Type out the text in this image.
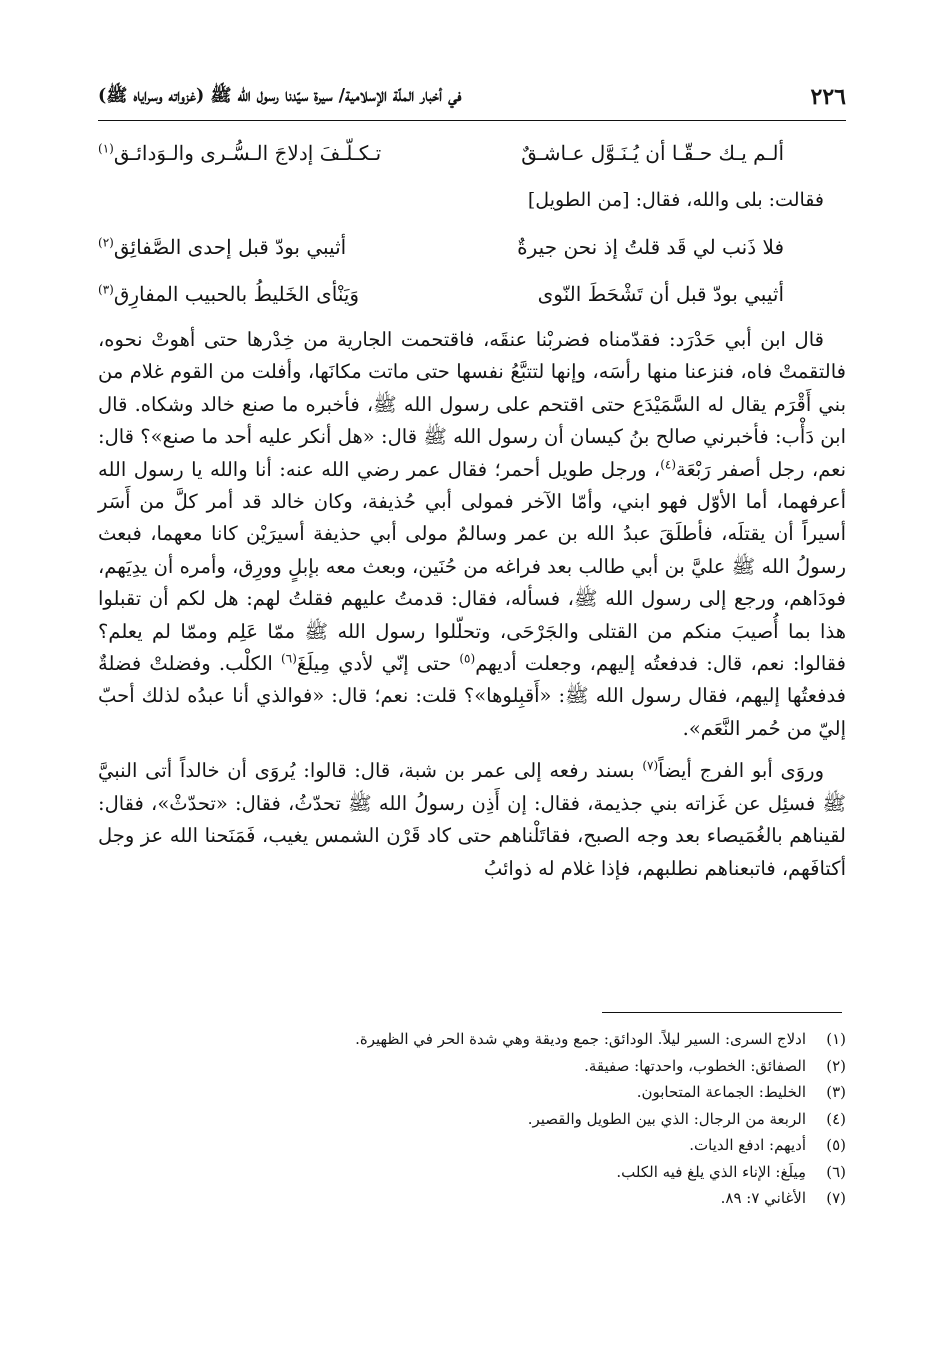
٢٢٦
في أخبار الملّة الإسلامية/ سيرة سيّدنا رسول الله ﷺ (غزواته وسراياه ﷺ)
ألـم يـك حـقّـا أن يُـنَـوَّل عـاشـقٌ
تـكـلّـفَ إدلاجَ الـسُّـرى والـوَدائـق$^{(١)}$
فقالت: بلى والله، فقال: [من الطويل]
فلا ذَنب لي قَد قلتُ إذ نحن جيرةٌ
أثيبي بودّ قبل إحدى الصَّفائِق$^{(٢)}$
أثيبي بودّ قبل أن تَشْحَطَ النّوى
وَيَنْأى الخَليطُ بالحبيب المفارِق$^{(٣)}$

قال ابن أبي حَدْرَد: فقدّمناه فضربْنا عنقَه، فاقتحمت الجارية من خِدْرها حتى أهوتْ نحوه، فالتقمتْ فاه، فنزعنا منها رأسَه، وإنها لتتبَّعُ نفسها حتى ماتت مكانَها، وأفلت من القوم غلام من بني أَقْرَم يقال له السَّمَيْدَع حتى اقتحم على رسول الله ﷺ، فأخبره ما صنع خالد وشكاه. قال ابن دَأْب: فأخبرني صالح بنُ كيسان أن رسول الله ﷺ قال: «هل أنكر عليه أحد ما صنع»؟ قال: نعم، رجل أصفر رَبْعَة$^{(٤)}$، ورجل طويل أحمر؛ فقال عمر رضي الله عنه: أنا والله يا رسول الله أعرفهما، أما الأوّل فهو ابني، وأمّا الآخر فمولى أبي حُذيفة، وكان خالد قد أمر كلَّ من أَسَر أسيراً أن يقتلَه، فأطلَقَ عبدُ الله بن عمر وسالمٌ مولى أبي حذيفة أسيرَيْن كانا معهما، فبعث رسولُ الله ﷺ عليَّ بن أبي طالب بعد فراغه من حُنَين، وبعث معه بإبلٍ وورِق، وأمره أن يدِيَهم، فودَاهم، ورجع إلى رسول الله ﷺ، فسأله، فقال: قدمتُ عليهم فقلتُ لهم: هل لكم أن تقبلوا هذا بما أُصيبَ منكم من القتلى والجَرْحَى، وتحلّلوا رسول الله ﷺ ممّا عَلِم وممّا لم يعلم؟ فقالوا: نعم، قال: فدفعتُه إليهم، وجعلت أديهم$^{(٥)}$ حتى إنّي لأدي مِيلَغَ$^{(٦)}$ الكلْب. وفضلتْ فضلةٌ فدفعتُها إليهم، فقال رسول الله ﷺ: «أَقبِلوها»؟ قلت: نعم؛ قال: «فوالذي أنا عبدُه لذلك أحبّ إليّ من حُمر النَّعَم».

وروَى أبو الفرج أيضاً$^{(٧)}$ بسند رفعه إلى عمر بن شبة، قال: قالوا: يُروَى أن خالداً أتى النبيَّ ﷺ فسئِل عن غَزاته بني جذيمة، فقال: إن أَذِن رسولُ الله ﷺ تحدّثُ، فقال: «تحدّثْ»، فقال: لقيناهم بالغُمَيصاء بعد وجه الصبح، فقاتَلْناهم حتى كاد قَرْن الشمس يغيب، فَمَنَحنا الله عز وجل أكتافَهم، فاتبعناهم نطلبهم، فإذا غلام له ذوائبُ

(١)
ادلاج السرى: السير ليلاً. الودائق: جمع وديقة وهي شدة الحر في الظهيرة.
(٢)
الصفائق: الخطوب، واحدتها: صفيقة.
(٣)
الخليط: الجماعة المتحابون.
(٤)
الربعة من الرجال: الذي بين الطويل والقصير.
(٥)
أديهم: ادفع الديات.
(٦)
مِيلَغ: الإناء الذي يلغ فيه الكلب.
(٧)
الأغاني ٧: ٨٩.
